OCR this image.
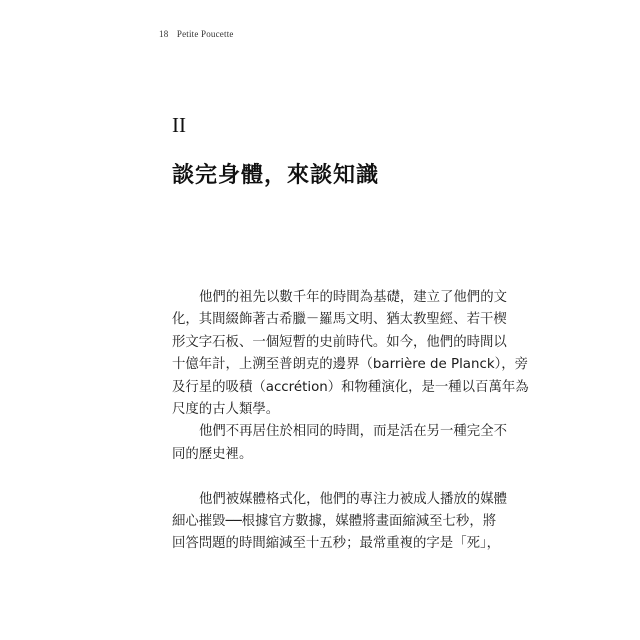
18 Petite Poucette
II
談完身體，來談知識
他們的祖先以數千年的時間為基礎，建立了他們的文
化，其間綴飾著古希臘－羅馬文明、猶太教聖經、若干楔
形文字石板、一個短暫的史前時代。如今，他們的時間以
十億年計，上溯至普朗克的邊界（barrière de Planck），旁
及行星的吸積（accrétion）和物種演化，是一種以百萬年為
尺度的古人類學。
他們不再居住於相同的時間，而是活在另一種完全不
同的歷史裡。
他們被媒體格式化，他們的專注力被成人播放的媒體
細心摧毀──根據官方數據，媒體將畫面縮減至七秒，將
回答問題的時間縮減至十五秒；最常重複的字是「死」，
